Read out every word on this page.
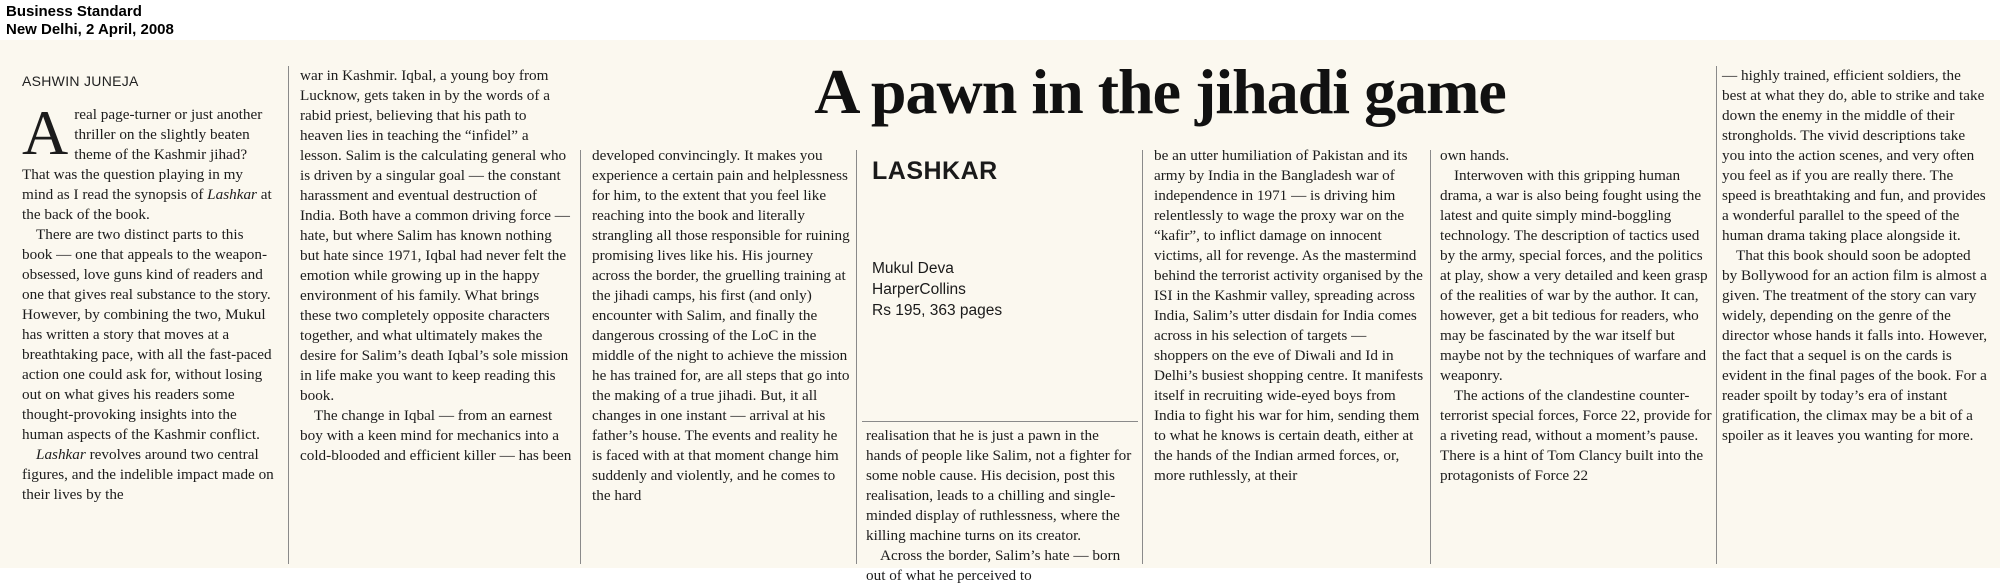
Business Standard
New Delhi, 2 April, 2008
ASHWIN JUNEJA

Areal page-turner or just another thriller on the slightly beaten theme of the Kashmir jihad? That was the question playing in my mind as I read the synopsis of Lashkar at the back of the book.

There are two distinct parts to this book — one that appeals to the weapon-obsessed, love guns kind of readers and one that gives real substance to the story. However, by combining the two, Mukul has written a story that moves at a breathtaking pace, with all the fast-paced action one could ask for, without losing out on what gives his readers some thought-provoking insights into the human aspects of the Kashmir conflict.

Lashkar revolves around two central figures, and the indelible impact made on their lives by the

war in Kashmir. Iqbal, a young boy from Lucknow, gets taken in by the words of a rabid priest, believing that his path to heaven lies in teaching the “infidel” a lesson. Salim is the calculating general who is driven by a singular goal — the constant harassment and eventual destruction of India. Both have a common driving force — hate, but where Salim has known nothing but hate since 1971, Iqbal had never felt the emotion while growing up in the happy environment of his family. What brings these two completely opposite characters together, and what ultimately makes the desire for Salim’s death Iqbal’s sole mission in life make you want to keep reading this book.

The change in Iqbal — from an earnest boy with a keen mind for mechanics into a cold-blooded and efficient killer — has been

A pawn in the jihadi game

developed convincingly. It makes you experience a certain pain and helplessness for him, to the extent that you feel like reaching into the book and literally strangling all those responsible for ruining promising lives like his. His journey across the border, the gruelling training at the jihadi camps, his first (and only) encounter with Salim, and finally the dangerous crossing of the LoC in the middle of the night to achieve the mission he has trained for, are all steps that go into the making of a true jihadi. But, it all changes in one instant — arrival at his father’s house. The events and reality he is faced with at that moment change him suddenly and violently, and he comes to the hard

LASHKAR
Mukul Deva
HarperCollins
Rs 195, 363 pages

realisation that he is just a pawn in the hands of people like Salim, not a fighter for some noble cause. His decision, post this realisation, leads to a chilling and single-minded display of ruthlessness, where the killing machine turns on its creator.

Across the border, Salim’s hate — born out of what he perceived to

be an utter humiliation of Pakistan and its army by India in the Bangladesh war of independence in 1971 — is driving him relentlessly to wage the proxy war on the “kafir”, to inflict damage on innocent victims, all for revenge. As the mastermind behind the terrorist activity organised by the ISI in the Kashmir valley, spreading across India, Salim’s utter disdain for India comes across in his selection of targets — shoppers on the eve of Diwali and Id in Delhi’s busiest shopping centre. It manifests itself in recruiting wide-eyed boys from India to fight his war for him, sending them to what he knows is certain death, either at the hands of the Indian armed forces, or, more ruthlessly, at their

own hands.

Interwoven with this gripping human drama, a war is also being fought using the latest and quite simply mind-boggling technology. The description of tactics used by the army, special forces, and the politics at play, show a very detailed and keen grasp of the realities of war by the author. It can, however, get a bit tedious for readers, who may be fascinated by the war itself but maybe not by the techniques of warfare and weaponry.

The actions of the clandestine counter-terrorist special forces, Force 22, provide for a riveting read, without a moment’s pause. There is a hint of Tom Clancy built into the protagonists of Force 22

— highly trained, efficient soldiers, the best at what they do, able to strike and take down the enemy in the middle of their strongholds. The vivid descriptions take you into the action scenes, and very often you feel as if you are really there. The speed is breathtaking and fun, and provides a wonderful parallel to the speed of the human drama taking place alongside it.

That this book should soon be adopted by Bollywood for an action film is almost a given. The treatment of the story can vary widely, depending on the genre of the director whose hands it falls into. However, the fact that a sequel is on the cards is evident in the final pages of the book. For a reader spoilt by today’s era of instant gratification, the climax may be a bit of a spoiler as it leaves you wanting for more.
